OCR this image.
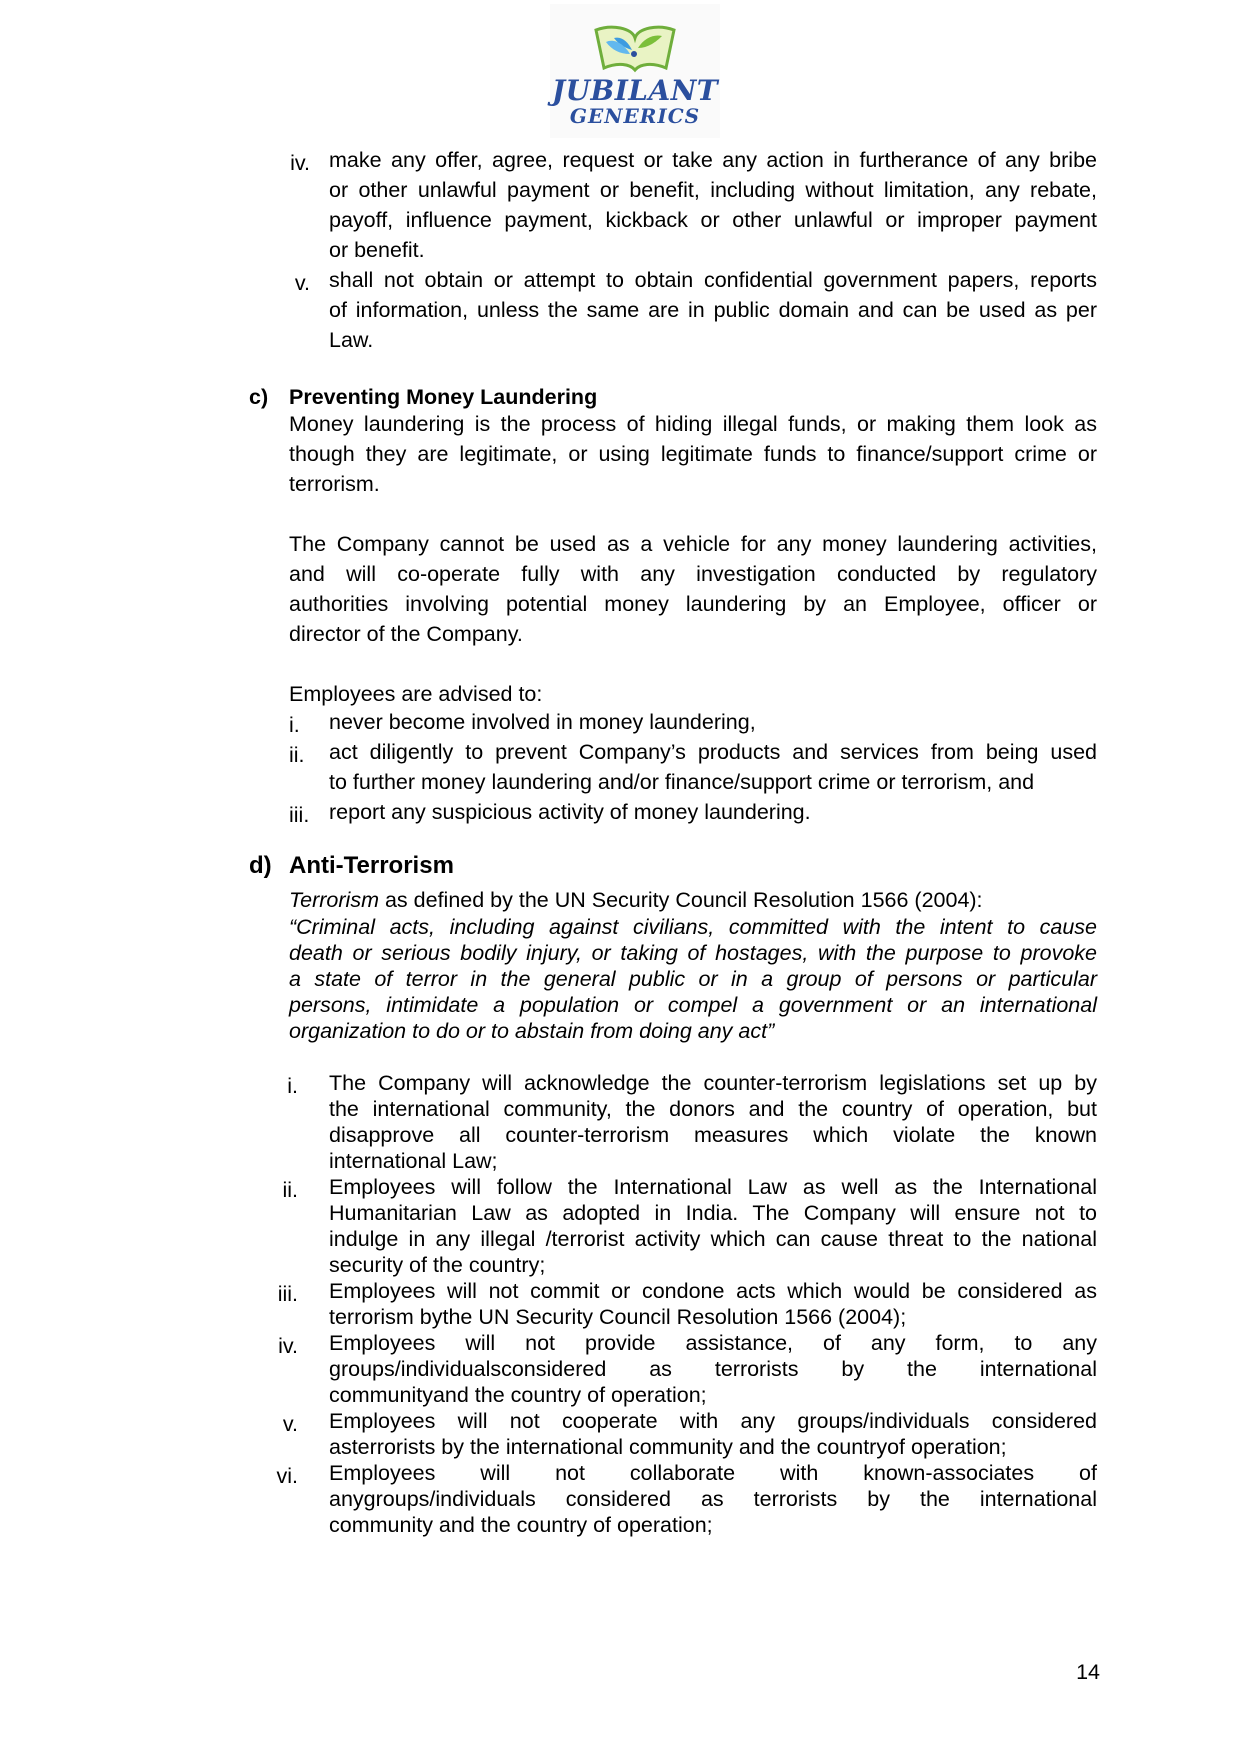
JUBILANT
GENERICS
iv. make any offer, agree, request or take any action in furtherance of any bribe
or other unlawful payment or benefit, including without limitation, any rebate,
payoff, influence payment, kickback or other unlawful or improper payment
or benefit.
v. shall not obtain or attempt to obtain confidential government papers, reports
of information, unless the same are in public domain and can be used as per
Law.
c) Preventing Money Laundering
Money laundering is the process of hiding illegal funds, or making them look as
though they are legitimate, or using legitimate funds to finance/support crime or
terrorism.
The Company cannot be used as a vehicle for any money laundering activities,
and will co-operate fully with any investigation conducted by regulatory
authorities involving potential money laundering by an Employee, officer or
director of the Company.
Employees are advised to:
i. never become involved in money laundering,
ii. act diligently to prevent Company’s products and services from being used
to further money laundering and/or finance/support crime or terrorism, and
iii. report any suspicious activity of money laundering.
d) Anti-Terrorism
Terrorism as defined by the UN Security Council Resolution 1566 (2004):
“Criminal acts, including against civilians, committed with the intent to cause
death or serious bodily injury, or taking of hostages, with the purpose to provoke
a state of terror in the general public or in a group of persons or particular
persons, intimidate a population or compel a government or an international
organization to do or to abstain from doing any act”
i. The Company will acknowledge the counter-terrorism legislations set up by
the international community, the donors and the country of operation, but
disapprove all counter-terrorism measures which violate the known
international Law;
ii. Employees will follow the International Law as well as the International
Humanitarian Law as adopted in India. The Company will ensure not to
indulge in any illegal /terrorist activity which can cause threat to the national
security of the country;
iii. Employees will not commit or condone acts which would be considered as
terrorism bythe UN Security Council Resolution 1566 (2004);
iv. Employees will not provide assistance, of any form, to any
groups/individualsconsidered as terrorists by the international
communityand the country of operation;
v. Employees will not cooperate with any groups/individuals considered
asterrorists by the international community and the countryof operation;
vi. Employees will not collaborate with known-associates of
anygroups/individuals considered as terrorists by the international
community and the country of operation;
14
